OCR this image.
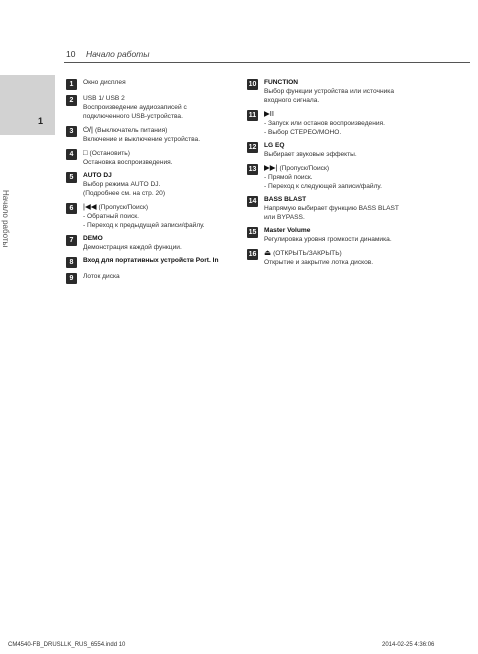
10 Начало работы
1
Начало работы
1	Окно дисплея
2	USB 1/ USB 2
Воспроизведение аудиозаписей с
подключенного USB-устройства.
3	⏻/| (Выключатель питания)
Включение и выключение устройства.
4	□ (Остановить)
Остановка воспроизведения.
5	AUTO DJ
Выбор режима AUTO DJ.
(Подробнее см. на стр. 20)
6	|◀◀ (Пропуск/Поиск)
- Обратный поиск.
- Переход к предыдущей записи/файлу.
7	DEMO
Демонстрация каждой функции.
8	Вход для портативных устройств Port. In
9	Лоток диска
10 FUNCTION
Выбор функции устройства или источника
входного сигнала.
11 ▶II
- Запуск или останов воспроизведения.
- Выбор СТЕРЕО/МОНО.
12 LG EQ
Выбирает звуковые эффекты.
13 ▶▶| (Пропуск/Поиск)
- Прямой поиск.
- Переход к следующей записи/файлу.
14 BASS BLAST
Напрямую выбирает функцию BASS BLAST
или BYPASS.
15 Master Volume
Регулировка уровня громкости динамика.
16 ⏏ (ОТКРЫТЬ/ЗАКРЫТЬ)
Открытие и закрытие лотка дисков.
CM4540-FB_DRUSLLK_RUS_6554.indd 10	2014-02-25 4:36:06
